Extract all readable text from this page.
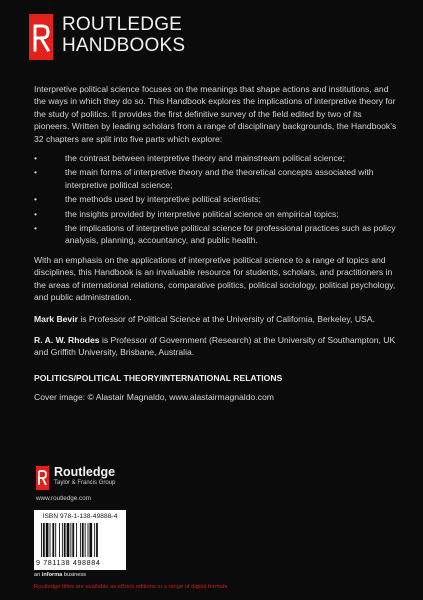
ROUTLEDGE
HANDBOOKS

Interpretive political science focuses on the meanings that shape actions and institutions, and the ways in which they do so. This Handbook explores the implications of interpretive theory for the study of politics. It provides the first definitive survey of the field edited by two of its pioneers. Written by leading scholars from a range of disciplinary backgrounds, the Handbook’s 32 chapters are split into five parts which explore:

•	the contrast between interpretive theory and mainstream political science;
•	the main forms of interpretive theory and the theoretical concepts associated with interpretive political science;
•	the methods used by interpretive political scientists;
•	the insights provided by interpretive political science on empirical topics;
•	the implications of interpretive political science for professional practices such as policy analysis, planning, accountancy, and public health.

With an emphasis on the applications of interpretive political science to a range of topics and disciplines, this Handbook is an invaluable resource for students, scholars, and practitioners in the areas of international relations, comparative politics, political sociology, political psychology, and public administration.

Mark Bevir is Professor of Political Science at the University of California, Berkeley, USA.

R. A. W. Rhodes is Professor of Government (Research) at the University of Southampton, UK and Griffith University, Brisbane, Australia.

POLITICS/POLITICAL THEORY/INTERNATIONAL RELATIONS

Cover image: © Alastair Magnaldo, www.alastairmagnaldo.com

Routledge
Taylor & Francis Group
www.routledge.com
ISBN 978-1-138-49888-4
9 781138 498884
an informa business
Routledge titles are available as eBook editions in a range of digital formats
